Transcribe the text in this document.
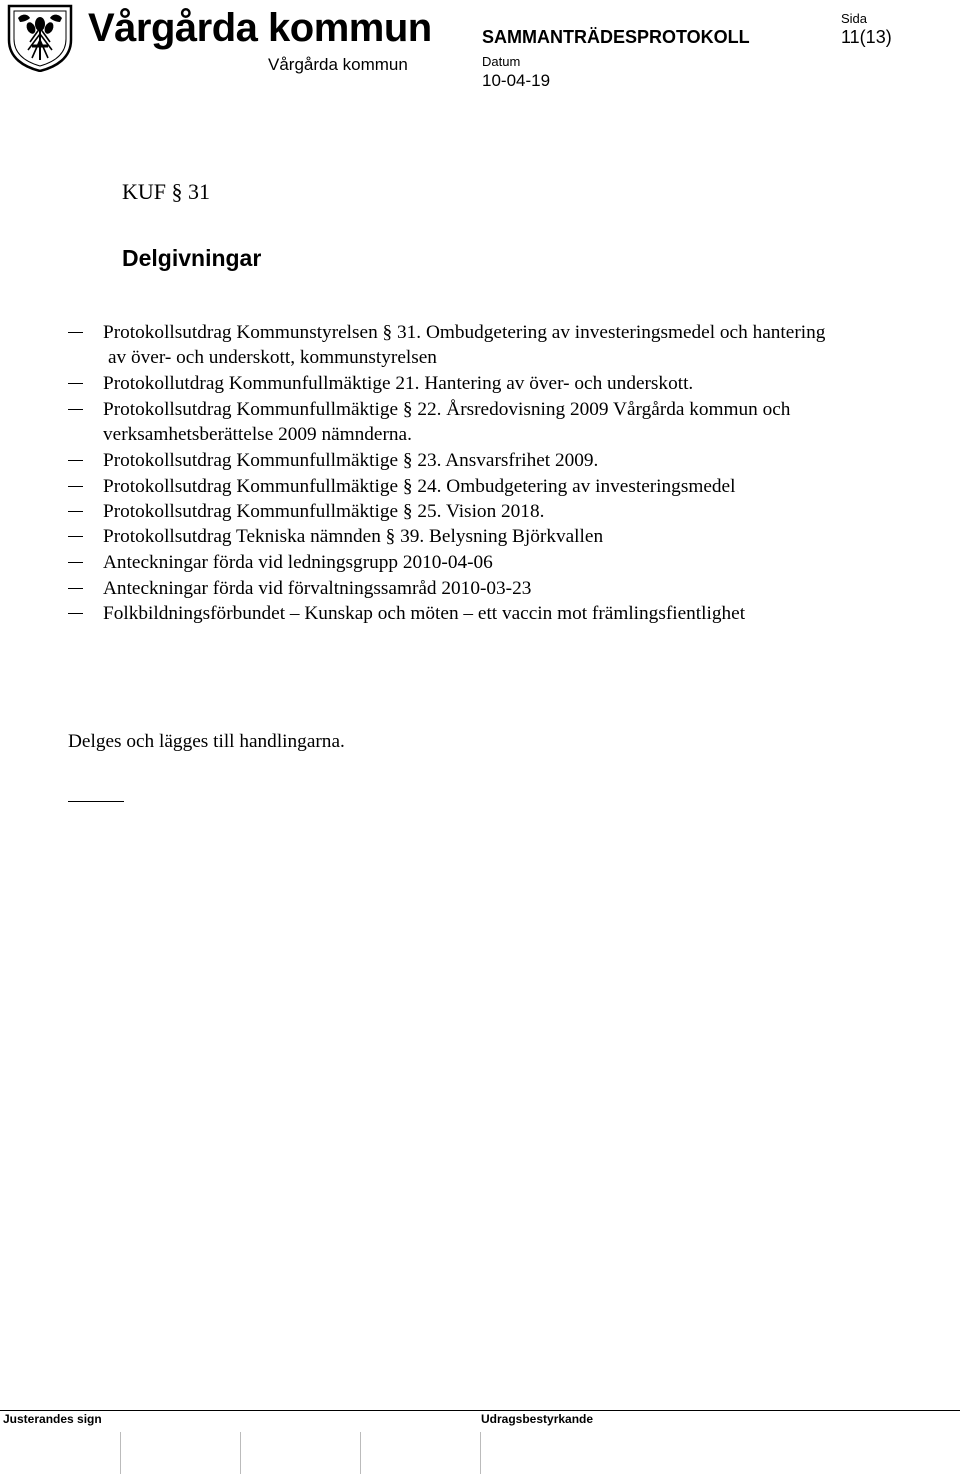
Vårgårda kommun
Vårgårda kommun
SAMMANTRÄDESPROTOKOLL
Datum
10-04-19
Sida
11(13)
KUF § 31
Delgivningar
Protokollsutdrag Kommunstyrelsen § 31. Ombudgetering av investeringsmedel och hantering
av över- och underskott, kommunstyrelsen
Protokollutdrag Kommunfullmäktige 21. Hantering av över- och underskott.
Protokollsutdrag Kommunfullmäktige § 22. Årsredovisning 2009 Vårgårda kommun och
verksamhetsberättelse 2009 nämnderna.
Protokollsutdrag Kommunfullmäktige § 23. Ansvarsfrihet 2009.
Protokollsutdrag Kommunfullmäktige § 24. Ombudgetering av investeringsmedel
Protokollsutdrag Kommunfullmäktige § 25. Vision 2018.
Protokollsutdrag Tekniska nämnden § 39. Belysning Björkvallen
Anteckningar förda vid ledningsgrupp 2010-04-06
Anteckningar förda vid förvaltningssamråd 2010-03-23
Folkbildningsförbundet – Kunskap och möten – ett vaccin mot främlingsfientlighet
Delges och lägges till handlingarna.
Justerandes sign	Udragsbestyrkande
